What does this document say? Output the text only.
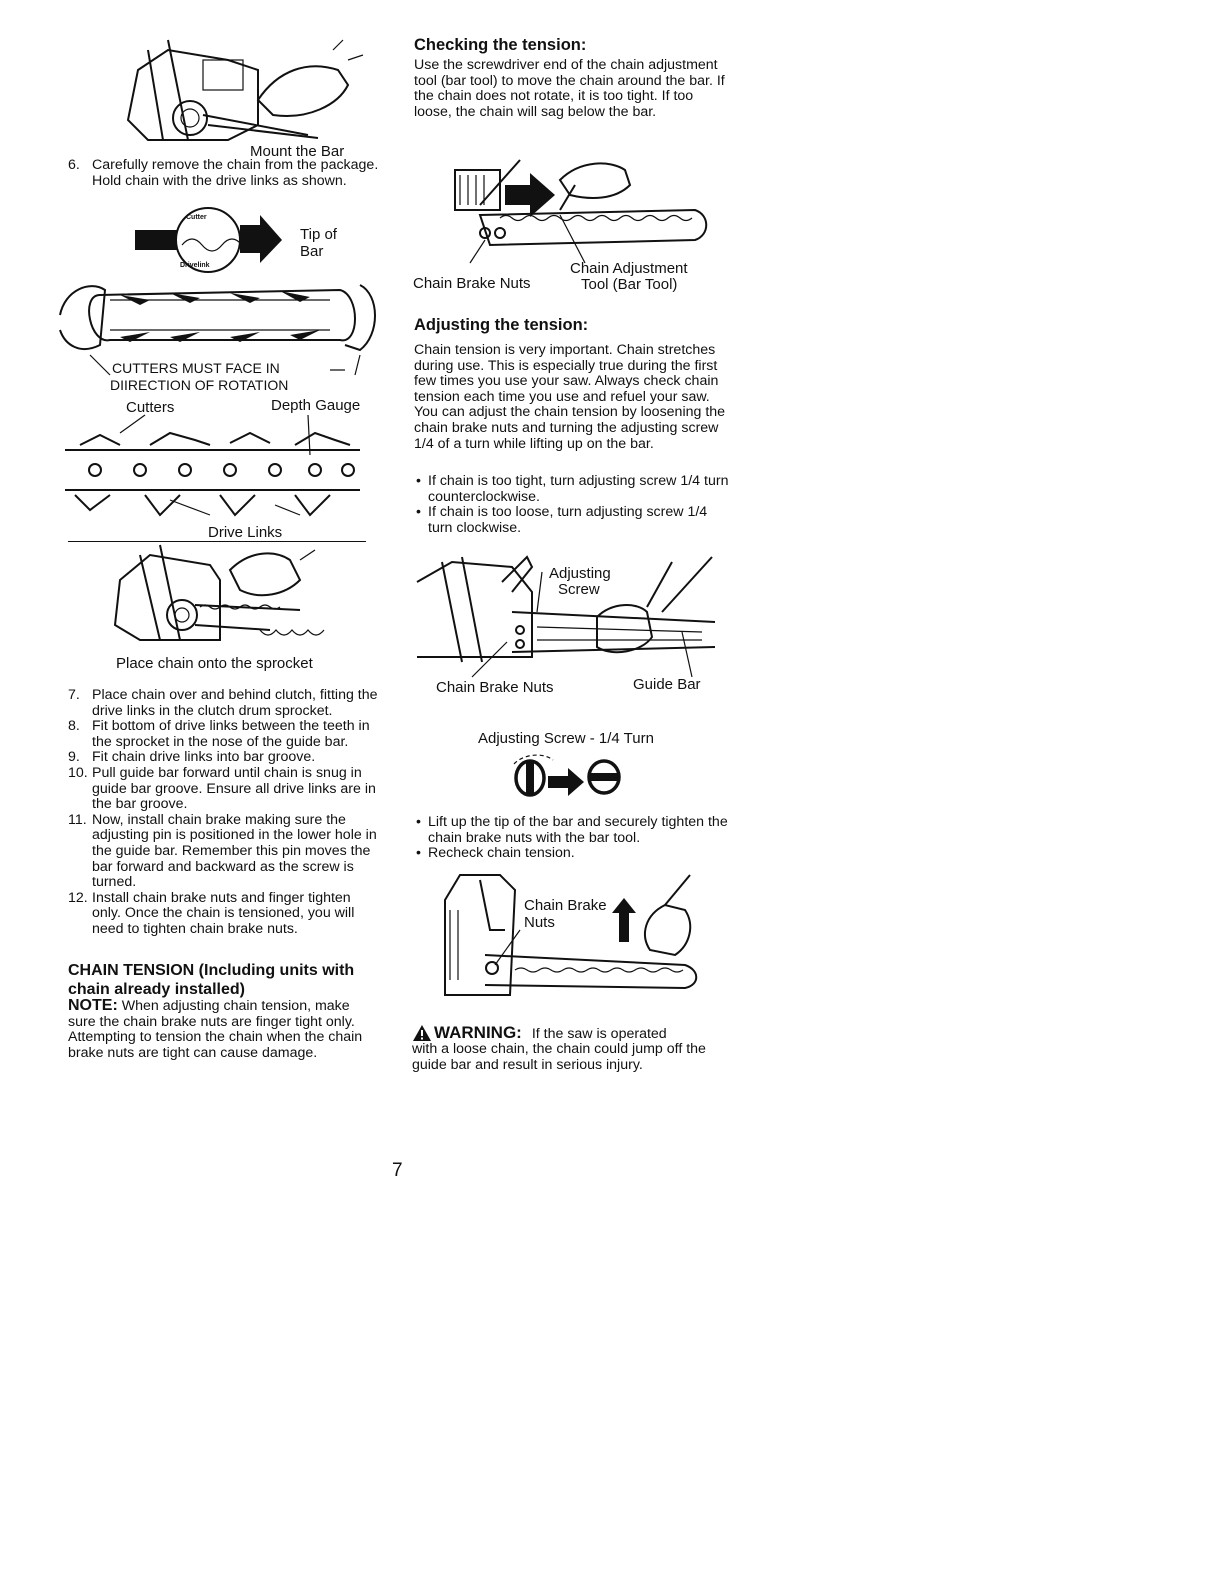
Mount the Bar
6. Carefully remove the chain from the package. Hold chain with the drive links as shown.
Cutter
Drivelink
Tip of
Bar
CUTTERS MUST FACE IN
DIIRECTION OF ROTATION
Cutters	Depth Gauge
Drive Links
Place chain onto the sprocket
7. Place chain over and behind clutch, fitting the drive links in the clutch drum sprocket.
8. Fit bottom of drive links between the teeth in the sprocket in the nose of the guide bar.
9. Fit chain drive links into bar groove.
10. Pull guide bar forward until chain is snug in guide bar groove. Ensure all drive links are in the bar groove.
11. Now, install chain brake making sure the adjusting pin is positioned in the lower hole in the guide bar. Remember this pin moves the bar forward and backward as the screw is turned.
12. Install chain brake nuts and finger tighten only. Once the chain is tensioned, you will need to tighten chain brake nuts.
CHAIN TENSION (Including units with chain already installed)
NOTE: When adjusting chain tension, make sure the chain brake nuts are finger tight only. Attempting to tension the chain when the chain brake nuts are tight can cause damage.
Checking the tension:
Use the screwdriver end of the chain adjustment tool (bar tool) to move the chain around the bar. If the chain does not rotate, it is too tight. If too loose, the chain will sag below the bar.
Chain Brake Nuts
Chain Adjustment
Tool (Bar Tool)
Adjusting the tension:
Chain tension is very important. Chain stretches during use. This is especially true during the first few times you use your saw. Always check chain tension each time you use and refuel your saw. You can adjust the chain tension by loosening the chain brake nuts and turning the adjusting screw 1/4 of a turn while lifting up on the bar.
• If chain is too tight, turn adjusting screw 1/4 turn counterclockwise.
• If chain is too loose, turn adjusting screw 1/4 turn clockwise.
Adjusting
Screw
Chain Brake Nuts	Guide Bar
Adjusting Screw - 1/4 Turn
• Lift up the tip of the bar and securely tighten the chain brake nuts with the bar tool.
• Recheck chain tension.
Chain Brake
Nuts
WARNING: If the saw is operated
with a loose chain, the chain could jump off the guide bar and result in serious injury.
7
